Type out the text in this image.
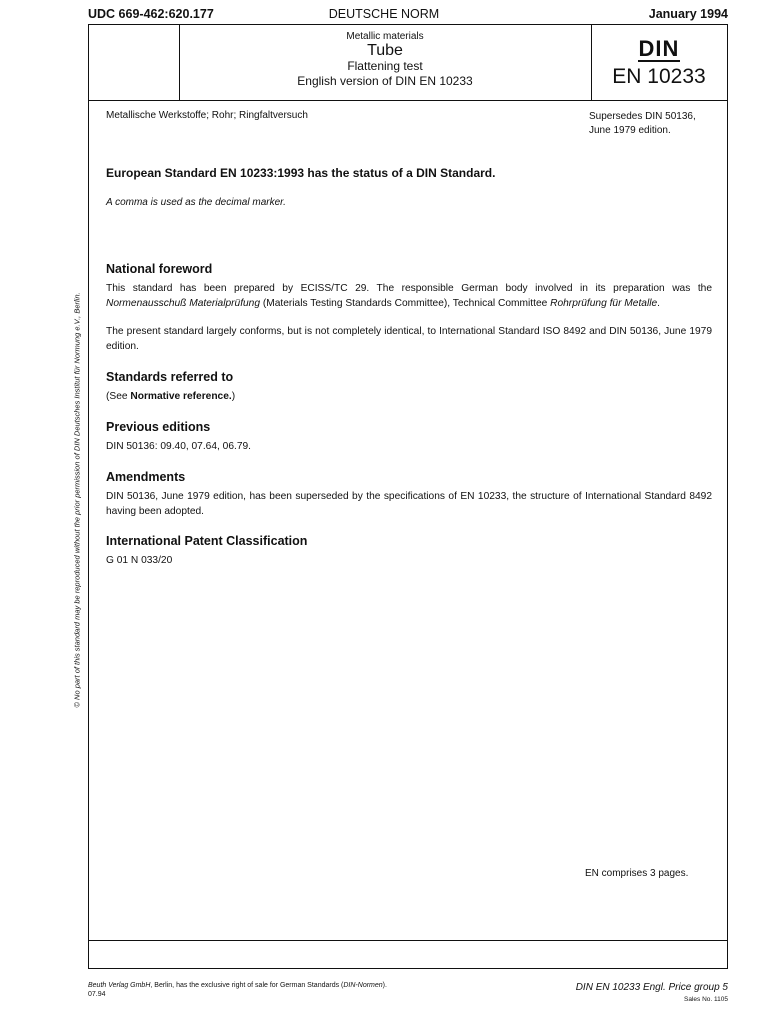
UDC 669-462:620.177	DEUTSCHE NORM	January 1994
Metallic materials
Tube
Flattening test
English version of DIN EN 10233
DIN
EN 10233
Metallische Werkstoffe; Rohr; Ringfaltversuch	Supersedes DIN 50136,
June 1979 edition.
European Standard EN 10233:1993 has the status of a DIN Standard.
A comma is used as the decimal marker.
National foreword
This standard has been prepared by ECISS/TC 29. The responsible German body involved in its preparation was the Normenausschuß Materialprüfung (Materials Testing Standards Committee), Technical Committee Rohrprüfung für Metalle.
The present standard largely conforms, but is not completely identical, to International Standard ISO 8492 and DIN 50136, June 1979 edition.
Standards referred to
(See Normative reference.)
Previous editions
DIN 50136: 09.40, 07.64, 06.79.
Amendments
DIN 50136, June 1979 edition, has been superseded by the specifications of EN 10233, the structure of International Standard 8492 having been adopted.
International Patent Classification
G 01 N 033/20
EN comprises 3 pages.
© No part of this standard may be reproduced without the prior permission of DIN Deutsches Institut für Normung e.V., Berlin.
Beuth Verlag GmbH, Berlin, has the exclusive right of sale for German Standards (DIN-Normen).
07.94
DIN EN 10233 Engl. Price group 5
Sales No. 1105
